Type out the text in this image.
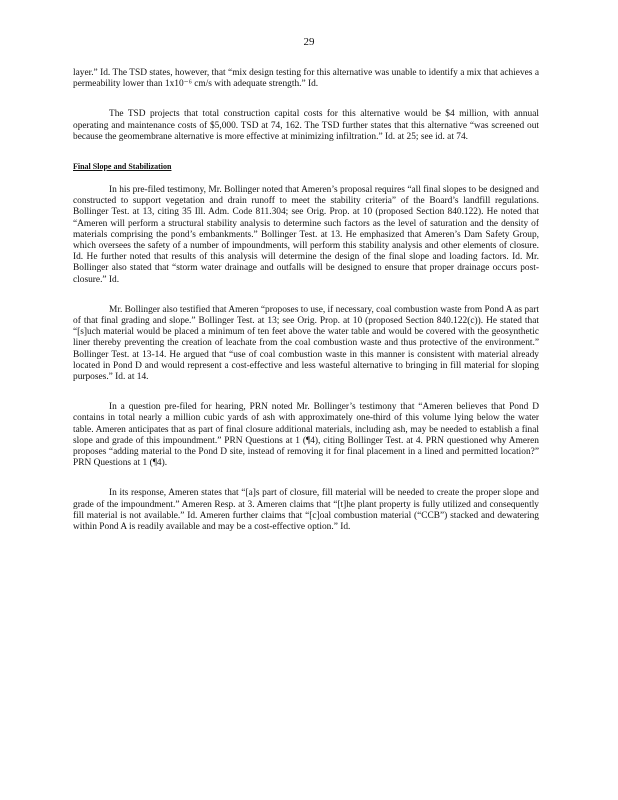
29

layer.” Id. The TSD states, however, that “mix design testing for this alternative was unable to identify a mix that achieves a permeability lower than 1x10⁻⁶ cm/s with adequate strength.” Id.

The TSD projects that total construction capital costs for this alternative would be $4 million, with annual operating and maintenance costs of $5,000. TSD at 74, 162. The TSD further states that this alternative “was screened out because the geomembrane alternative is more effective at minimizing infiltration.” Id. at 25; see id. at 74.

Final Slope and Stabilization

In his pre-filed testimony, Mr. Bollinger noted that Ameren’s proposal requires “all final slopes to be designed and constructed to support vegetation and drain runoff to meet the stability criteria” of the Board’s landfill regulations. Bollinger Test. at 13, citing 35 Ill. Adm. Code 811.304; see Orig. Prop. at 10 (proposed Section 840.122). He noted that “Ameren will perform a structural stability analysis to determine such factors as the level of saturation and the density of materials comprising the pond’s embankments.” Bollinger Test. at 13. He emphasized that Ameren’s Dam Safety Group, which oversees the safety of a number of impoundments, will perform this stability analysis and other elements of closure. Id. He further noted that results of this analysis will determine the design of the final slope and loading factors. Id. Mr. Bollinger also stated that “storm water drainage and outfalls will be designed to ensure that proper drainage occurs post-closure.” Id.

Mr. Bollinger also testified that Ameren “proposes to use, if necessary, coal combustion waste from Pond A as part of that final grading and slope.” Bollinger Test. at 13; see Orig. Prop. at 10 (proposed Section 840.122(c)). He stated that “[s]uch material would be placed a minimum of ten feet above the water table and would be covered with the geosynthetic liner thereby preventing the creation of leachate from the coal combustion waste and thus protective of the environment.” Bollinger Test. at 13-14. He argued that “use of coal combustion waste in this manner is consistent with material already located in Pond D and would represent a cost-effective and less wasteful alternative to bringing in fill material for sloping purposes.” Id. at 14.

In a question pre-filed for hearing, PRN noted Mr. Bollinger’s testimony that “Ameren believes that Pond D contains in total nearly a million cubic yards of ash with approximately one-third of this volume lying below the water table. Ameren anticipates that as part of final closure additional materials, including ash, may be needed to establish a final slope and grade of this impoundment.” PRN Questions at 1 (¶4), citing Bollinger Test. at 4. PRN questioned why Ameren proposes “adding material to the Pond D site, instead of removing it for final placement in a lined and permitted location?” PRN Questions at 1 (¶4).

In its response, Ameren states that “[a]s part of closure, fill material will be needed to create the proper slope and grade of the impoundment.” Ameren Resp. at 3. Ameren claims that “[t]he plant property is fully utilized and consequently fill material is not available.” Id. Ameren further claims that “[c]oal combustion material (“CCB”) stacked and dewatering within Pond A is readily available and may be a cost-effective option.” Id.
